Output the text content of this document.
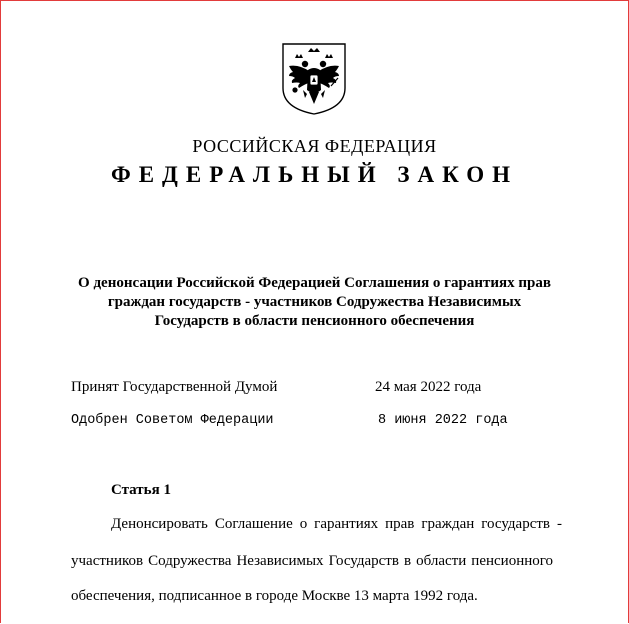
РОССИЙСКАЯ ФЕДЕРАЦИЯ
ФЕДЕРАЛЬНЫЙ ЗАКОН
О денонсации Российской Федерацией Соглашения о гарантиях прав
граждан государств - участников Содружества Независимых
Государств в области пенсионного обеспечения
Принят Государственной Думой	24 мая 2022 года
Одобрен Советом Федерации	8 июня 2022 года
Статья 1
Денонсировать Соглашение о гарантиях прав граждан государств -
участников Содружества Независимых Государств в области пенсионного
обеспечения, подписанное в городе Москве 13 марта 1992 года.
